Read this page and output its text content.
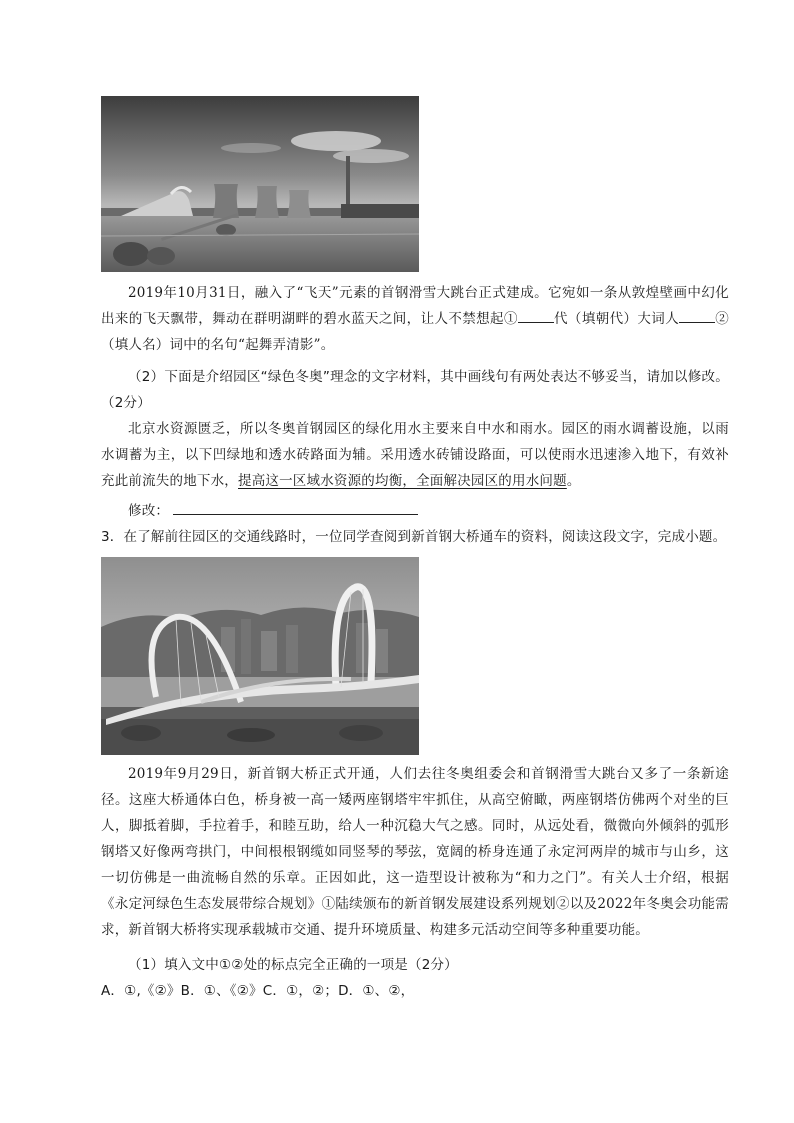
2019年10月31日，融入了“飞天”元素的首钢滑雪大跳台正式建成。它宛如一条从敦煌壁画中幻化出来的飞天飘带，舞动在群明湖畔的碧水蓝天之间，让人不禁想起①	代（填朝代）大词人	②（填人名）词中的名句“起舞弄清影”。

（2）下面是介绍园区“绿色冬奥”理念的文字材料，其中画线句有两处表达不够妥当，请加以修改。（2分）

北京水资源匮乏，所以冬奥首钢园区的绿化用水主要来自中水和雨水。园区的雨水调蓄设施，以雨水调蓄为主，以下凹绿地和透水砖路面为辅。采用透水砖铺设路面，可以使雨水迅速渗入地下，有效补充此前流失的地下水，提高这一区域水资源的均衡，全面解决园区的用水问题。

修改：

3．在了解前往园区的交通线路时，一位同学查阅到新首钢大桥通车的资料，阅读这段文字，完成小题。

2019年9月29日，新首钢大桥正式开通，人们去往冬奥组委会和首钢滑雪大跳台又多了一条新途径。这座大桥通体白色，桥身被一高一矮两座钢塔牢牢抓住，从高空俯瞰，两座钢塔仿佛两个对坐的巨人，脚抵着脚，手拉着手，和睦互助，给人一种沉稳大气之感。同时，从远处看，微微向外倾斜的弧形钢塔又好像两弯拱门，中间根根钢缆如同竖琴的琴弦，宽阔的桥身连通了永定河两岸的城市与山乡，这一切仿佛是一曲流畅自然的乐章。正因如此，这一造型设计被称为“和力之门”。有关人士介绍，根据《永定河绿色生态发展带综合规划》①陆续颁布的新首钢发展建设系列规划②以及2022年冬奥会功能需求，新首钢大桥将实现承载城市交通、提升环境质量、构建多元活动空间等多种重要功能。

（1）填入文中①②处的标点完全正确的一项是（2分）

A．①,《②》B．①、《②》C．①，②；D．①、②，
